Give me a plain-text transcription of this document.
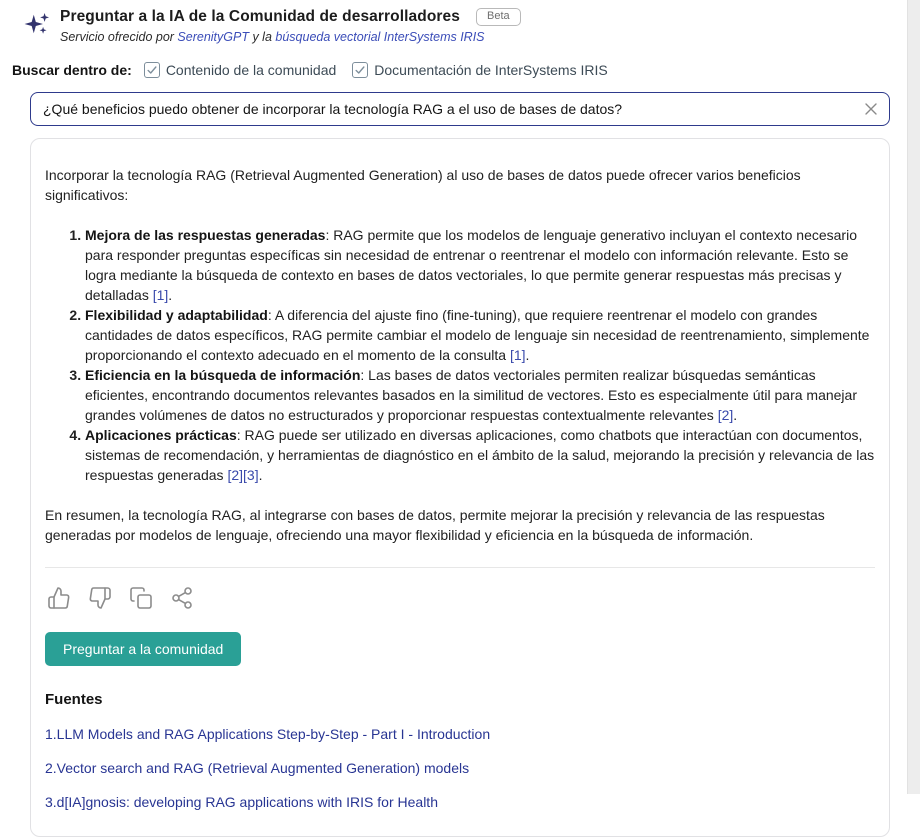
Preguntar a la IA de la Comunidad de desarrolladores	Beta

Servicio ofrecido por SerenityGPT y la búsqueda vectorial InterSystems IRIS

Buscar dentro de: Contenido de la comunidad	Documentación de InterSystems IRIS
¿Qué beneficios puedo obtener de incorporar la tecnología RAG a el uso de bases de datos?

Incorporar la tecnología RAG (Retrieval Augmented Generation) al uso de bases de datos puede ofrecer varios beneficios significativos:

1. Mejora de las respuestas generadas: RAG permite que los modelos de lenguaje generativo incluyan el contexto necesario para responder preguntas específicas sin necesidad de entrenar o reentrenar el modelo con información relevante. Esto se logra mediante la búsqueda de contexto en bases de datos vectoriales, lo que permite generar respuestas más precisas y detalladas [1].
2. Flexibilidad y adaptabilidad: A diferencia del ajuste fino (fine-tuning), que requiere reentrenar el modelo con grandes cantidades de datos específicos, RAG permite cambiar el modelo de lenguaje sin necesidad de reentrenamiento, simplemente proporcionando el contexto adecuado en el momento de la consulta [1].
3. Eficiencia en la búsqueda de información: Las bases de datos vectoriales permiten realizar búsquedas semánticas eficientes, encontrando documentos relevantes basados en la similitud de vectores. Esto es especialmente útil para manejar grandes volúmenes de datos no estructurados y proporcionar respuestas contextualmente relevantes [2].
4. Aplicaciones prácticas: RAG puede ser utilizado en diversas aplicaciones, como chatbots que interactúan con documentos, sistemas de recomendación, y herramientas de diagnóstico en el ámbito de la salud, mejorando la precisión y relevancia de las respuestas generadas [2][3].

En resumen, la tecnología RAG, al integrarse con bases de datos, permite mejorar la precisión y relevancia de las respuestas generadas por modelos de lenguaje, ofreciendo una mayor flexibilidad y eficiencia en la búsqueda de información.

Preguntar a la comunidad
Fuentes
1.LLM Models and RAG Applications Step-by-Step - Part I - Introduction
2.Vector search and RAG (Retrieval Augmented Generation) models
3.d[IA]gnosis: developing RAG applications with IRIS for Health
